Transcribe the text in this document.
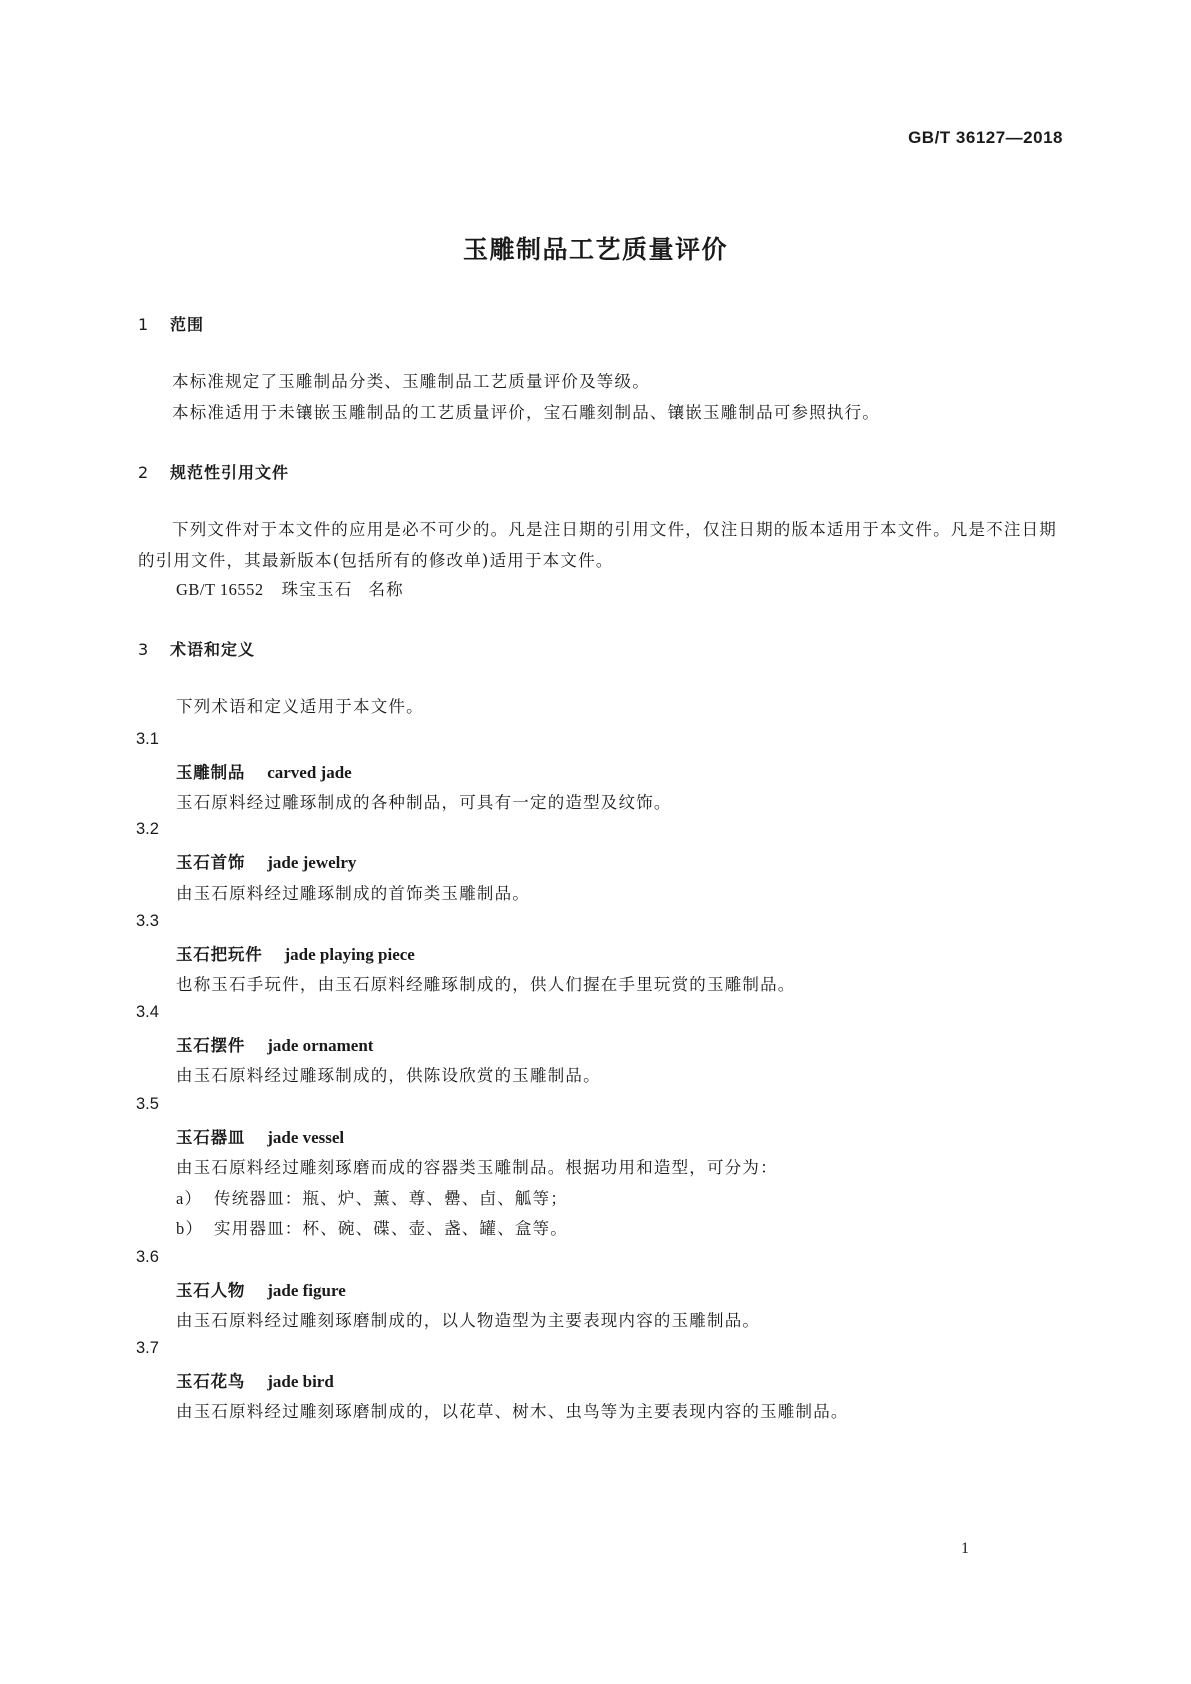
GB/T 36127—2018
玉雕制品工艺质量评价
1 范围

本标准规定了玉雕制品分类、玉雕制品工艺质量评价及等级。

本标准适用于未镶嵌玉雕制品的工艺质量评价，宝石雕刻制品、镶嵌玉雕制品可参照执行。

2 规范性引用文件

下列文件对于本文件的应用是必不可少的。凡是注日期的引用文件，仅注日期的版本适用于本文件。凡是不注日期的引用文件，其最新版本(包括所有的修改单)适用于本文件。

GB/T 16552 珠宝玉石 名称
3 术语和定义
下列术语和定义适用于本文件。
3.1
玉雕制品 carved jade
玉石原料经过雕琢制成的各种制品，可具有一定的造型及纹饰。
3.2
玉石首饰 jade jewelry
由玉石原料经过雕琢制成的首饰类玉雕制品。
3.3
玉石把玩件 jade playing piece
也称玉石手玩件，由玉石原料经雕琢制成的，供人们握在手里玩赏的玉雕制品。
3.4
玉石摆件 jade ornament
由玉石原料经过雕琢制成的，供陈设欣赏的玉雕制品。
3.5
玉石器皿 jade vessel
由玉石原料经过雕刻琢磨而成的容器类玉雕制品。根据功用和造型，可分为：
a） 传统器皿：瓶、炉、薰、尊、罍、卣、觚等；
b） 实用器皿：杯、碗、碟、壶、盏、罐、盒等。
3.6
玉石人物 jade figure
由玉石原料经过雕刻琢磨制成的，以人物造型为主要表现内容的玉雕制品。
3.7
玉石花鸟 jade bird
由玉石原料经过雕刻琢磨制成的，以花草、树木、虫鸟等为主要表现内容的玉雕制品。
1
